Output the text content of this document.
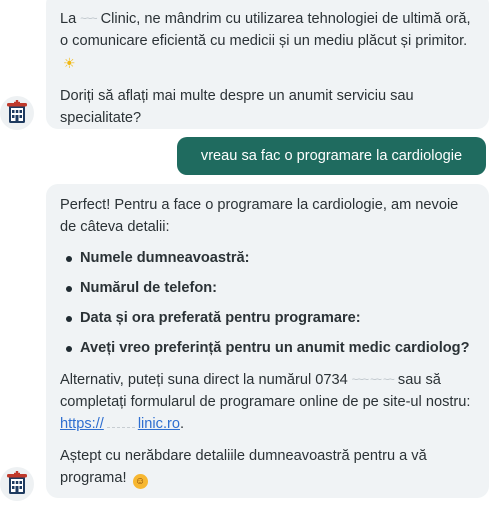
La ~~~ Clinic, ne mândrim cu utilizarea tehnologiei de ultimă oră, o comunicare eficientă cu medicii și un mediu plăcut și primitor.☀

Doriți să aflați mai multe despre un anumit serviciu sau specialitate?

vreau sa fac o programare la cardiologie

Perfect! Pentru a face o programare la cardiologie, am nevoie de câteva detalii:

Numele dumneavoastră:
Numărul de telefon:
Data și ora preferată pentru programare:
Aveți vreo preferință pentru un anumit medic cardiolog?

Alternativ, puteți suna direct la numărul 0734 ~~~ ~~ ~~ sau să completați formularul de programare online de pe site-ul nostru: https:// linic.ro.

Aștept cu nerăbdare detaliile dumneavoastră pentru a vă programa! ☺
